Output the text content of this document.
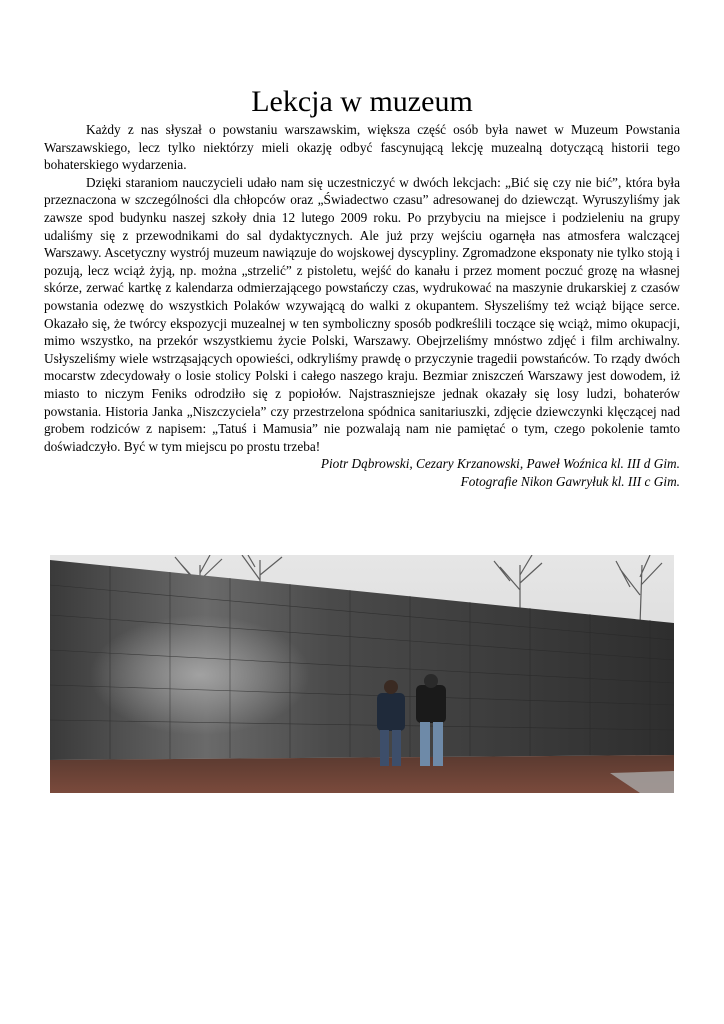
Lekcja w muzeum

Każdy z nas słyszał o powstaniu warszawskim, większa część osób była nawet w Muzeum Powstania Warszawskiego, lecz tylko niektórzy mieli okazję odbyć fascynującą lekcję muzealną dotyczącą historii tego bohaterskiego wydarzenia.

Dzięki staraniom nauczycieli udało nam się uczestniczyć w dwóch lekcjach: „Bić się czy nie bić”, która była przeznaczona w szczególności dla chłopców oraz „Świadectwo czasu” adresowanej do dziewcząt. Wyruszyliśmy jak zawsze spod budynku naszej szkoły dnia 12 lutego 2009 roku. Po przybyciu na miejsce i podzieleniu na grupy udaliśmy się z przewodnikami do sal dydaktycznych. Ale już przy wejściu ogarnęła nas atmosfera walczącej Warszawy. Ascetyczny wystrój muzeum nawiązuje do wojskowej dyscypliny. Zgromadzone eksponaty nie tylko stoją i pozują, lecz wciąż żyją, np. można „strzelić” z pistoletu, wejść do kanału i przez moment poczuć grozę na własnej skórze, zerwać kartkę z kalendarza odmierzającego powstańczy czas, wydrukować na maszynie drukarskiej z czasów powstania odezwę do wszystkich Polaków wzywającą do walki z okupantem. Słyszeliśmy też wciąż bijące serce. Okazało się, że twórcy ekspozycji muzealnej w ten symboliczny sposób podkreślili toczące się wciąż, mimo okupacji, mimo wszystko, na przekór wszystkiemu życie Polski, Warszawy. Obejrzeliśmy mnóstwo zdjęć i film archiwalny. Usłyszeliśmy wiele wstrząsających opowieści, odkryliśmy prawdę o przyczynie tragedii powstańców. To rządy dwóch mocarstw zdecydowały o losie stolicy Polski i całego naszego kraju. Bezmiar zniszczeń Warszawy jest dowodem, iż miasto to niczym Feniks odrodziło się z popiołów. Najstraszniejsze jednak okazały się losy ludzi, bohaterów powstania. Historia Janka „Niszczyciela” czy przestrzelona spódnica sanitariuszki, zdjęcie dziewczynki klęczącej nad grobem rodziców z napisem: „Tatuś i Mamusia” nie pozwalają nam nie pamiętać o tym, czego pokolenie tamto doświadczyło. Być w tym miejscu po prostu trzeba!

Piotr Dąbrowski, Cezary Krzanowski, Paweł Woźnica kl. III d Gim.
Fotografie Nikon Gawryłuk kl. III c Gim.
